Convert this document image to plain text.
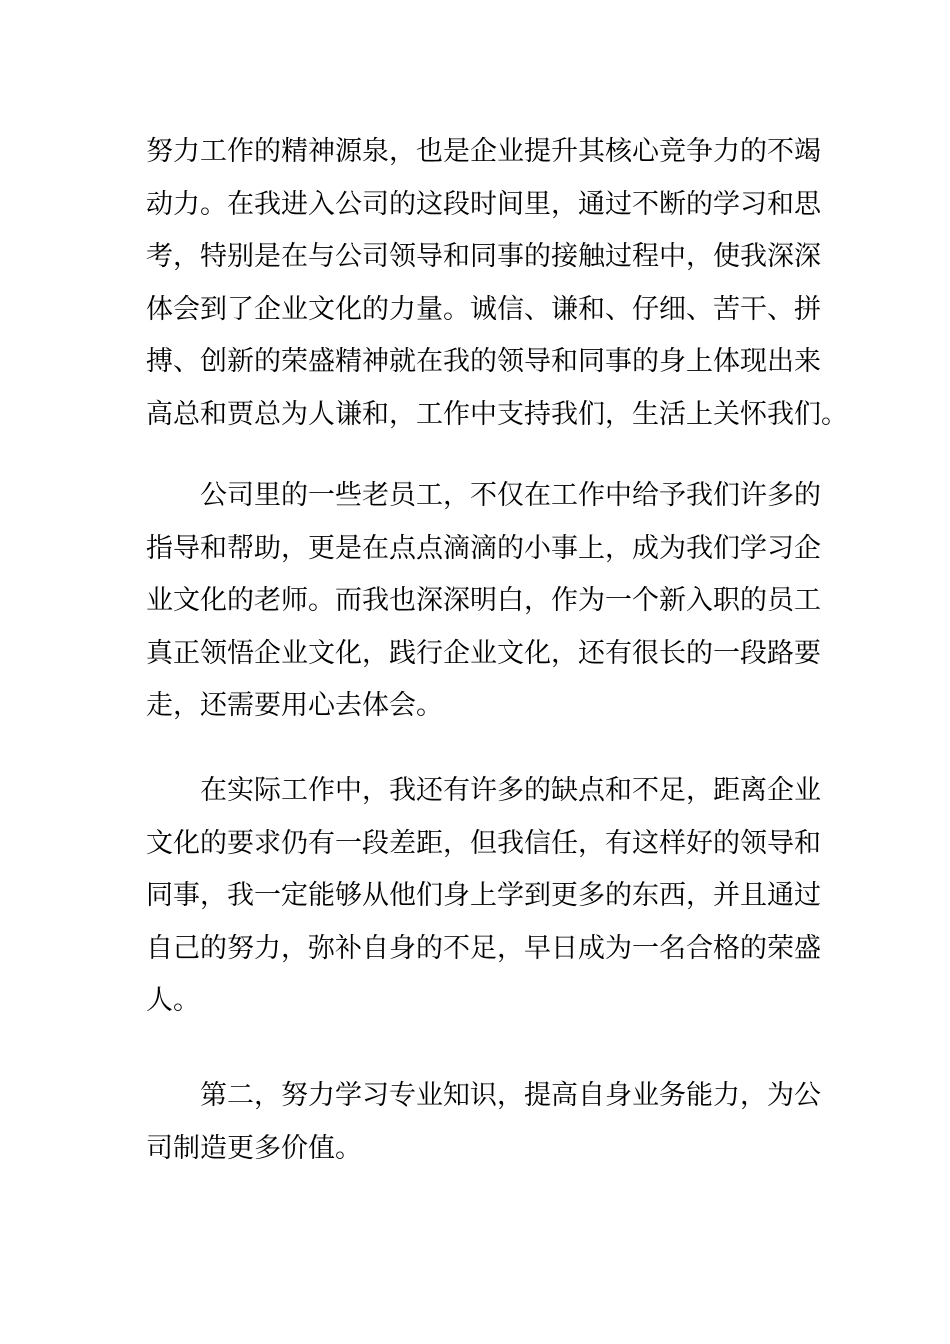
努力工作的精神源泉，也是企业提升其核心竞争力的不竭
动力。在我进入公司的这段时间里，通过不断的学习和思
考，特别是在与公司领导和同事的接触过程中，使我深深
体会到了企业文化的力量。诚信、谦和、仔细、苦干、拼
搏、创新的荣盛精神就在我的领导和同事的身上体现出来
高总和贾总为人谦和，工作中支持我们，生活上关怀我们。
公司里的一些老员工，不仅在工作中给予我们许多的
指导和帮助，更是在点点滴滴的小事上，成为我们学习企
业文化的老师。而我也深深明白，作为一个新入职的员工
真正领悟企业文化，践行企业文化，还有很长的一段路要
走，还需要用心去体会。
在实际工作中，我还有许多的缺点和不足，距离企业
文化的要求仍有一段差距，但我信任，有这样好的领导和
同事，我一定能够从他们身上学到更多的东西，并且通过
自己的努力，弥补自身的不足，早日成为一名合格的荣盛
人。
第二，努力学习专业知识，提高自身业务能力，为公
司制造更多价值。
